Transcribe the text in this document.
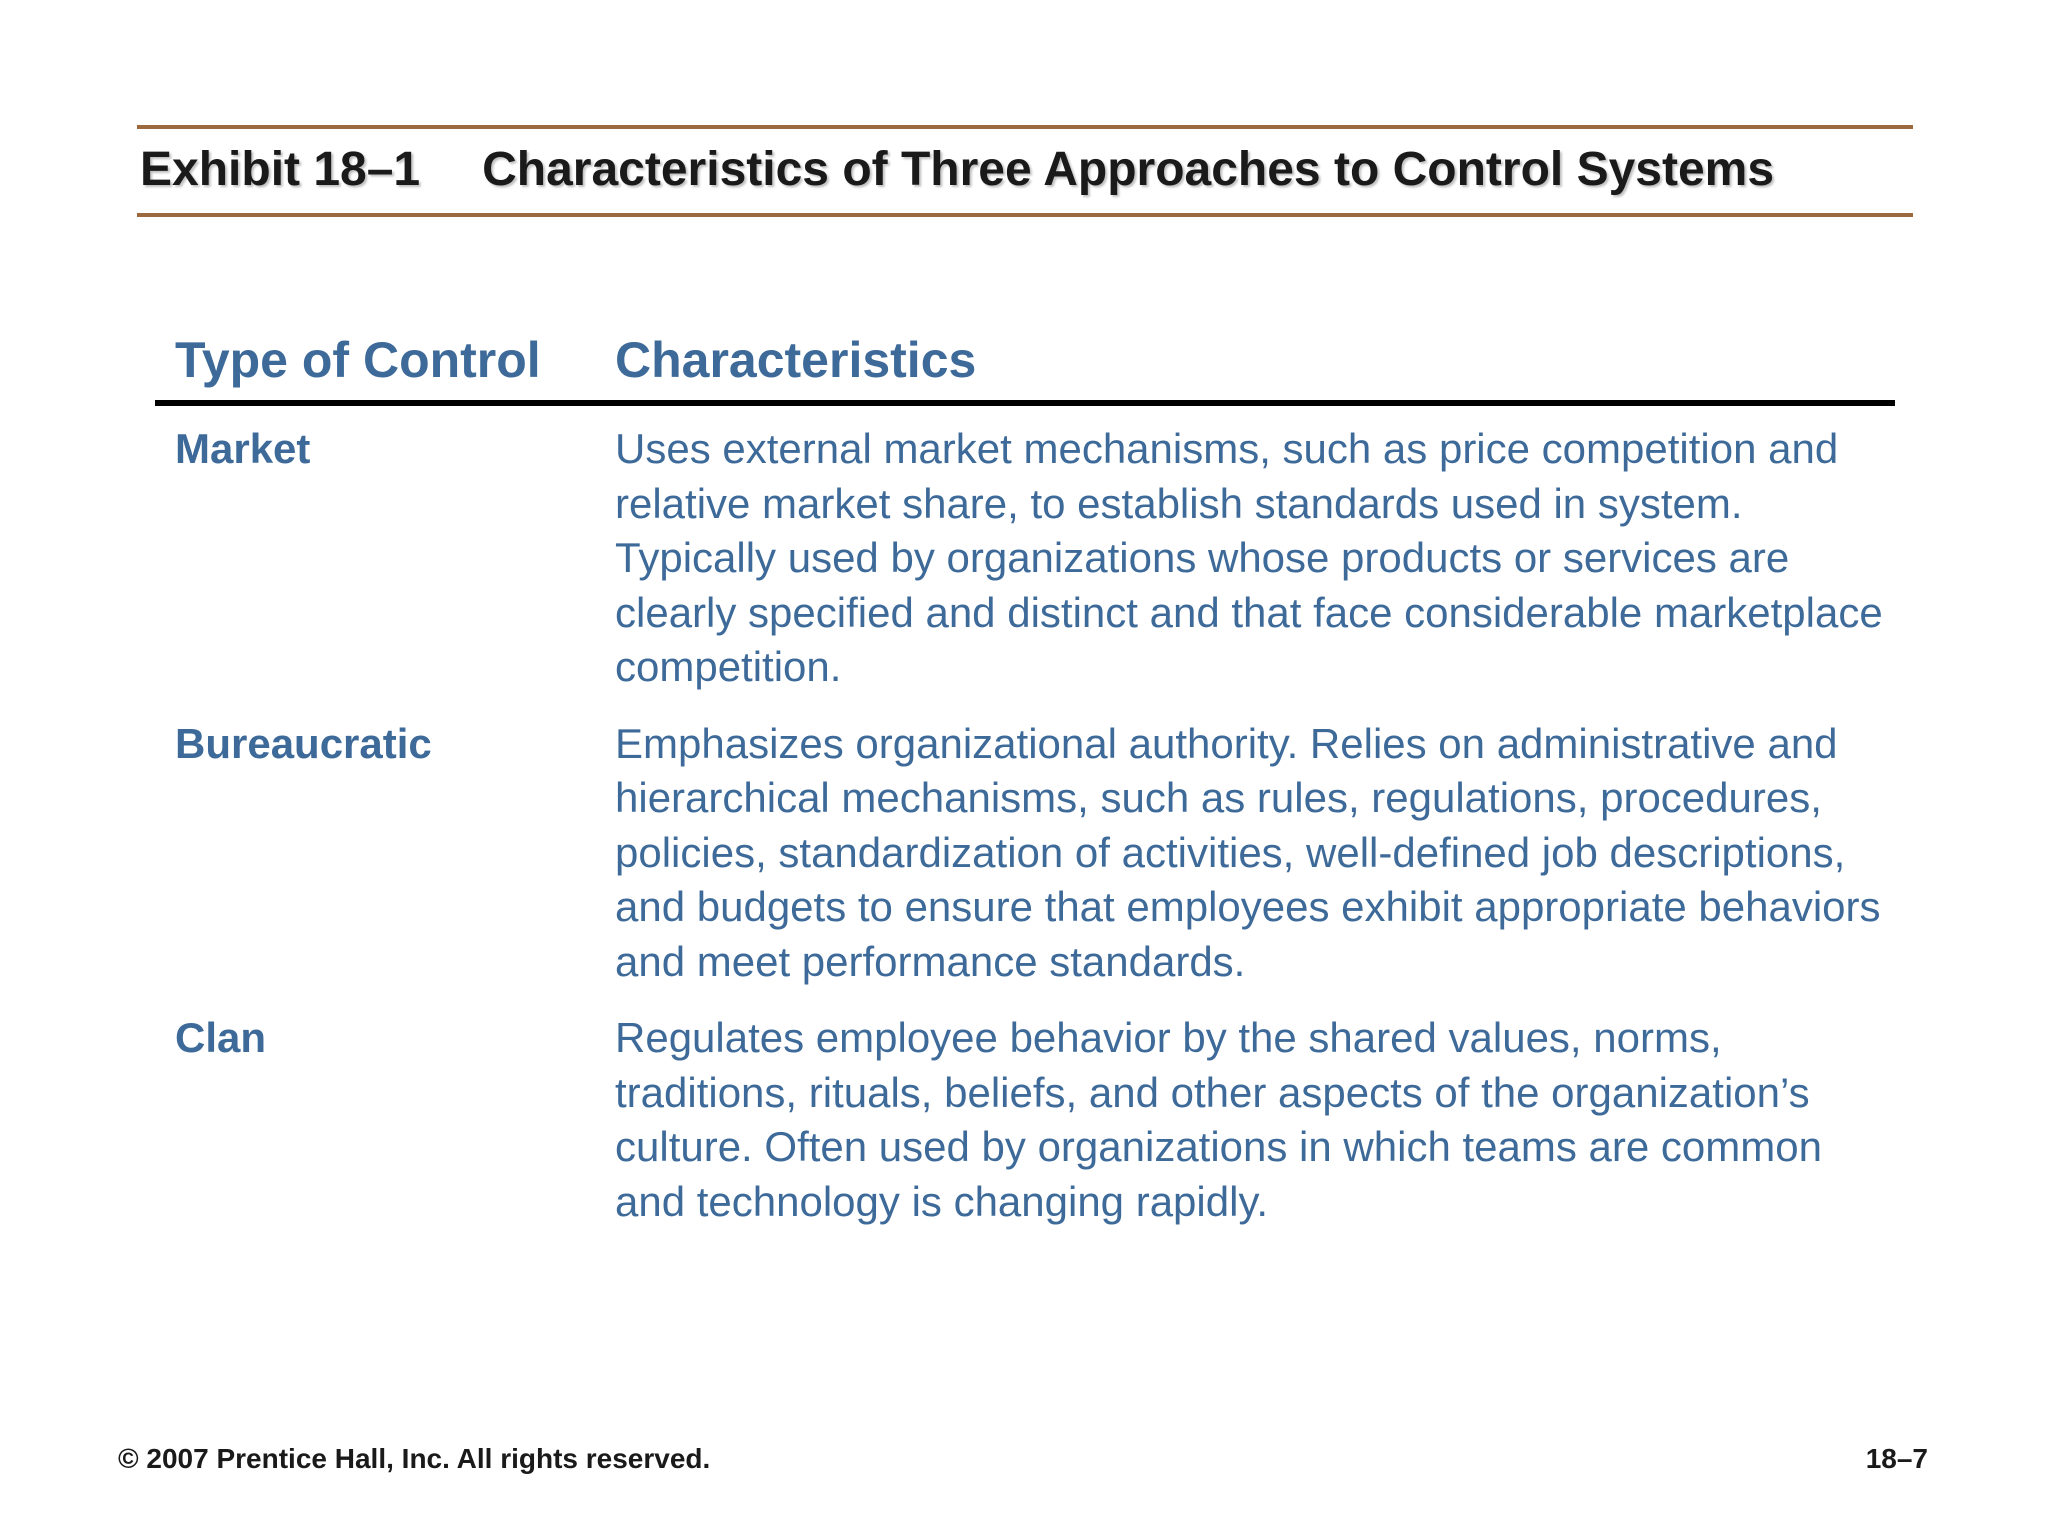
Exhibit 18–1 Characteristics of Three Approaches to Control Systems
Type of Control	Characteristics
Market	Uses external market mechanisms, such as price competition and relative market share, to establish standards used in system. Typically used by organizations whose products or services are clearly specified and distinct and that face considerable marketplace competition.
Bureaucratic	Emphasizes organizational authority. Relies on administrative and hierarchical mechanisms, such as rules, regulations, procedures, policies, standardization of activities, well-defined job descriptions, and budgets to ensure that employees exhibit appropriate behaviors and meet performance standards.
Clan	Regulates employee behavior by the shared values, norms, traditions, rituals, beliefs, and other aspects of the organization’s culture. Often used by organizations in which teams are common and technology is changing rapidly.
© 2007 Prentice Hall, Inc. All rights reserved.	18–7
